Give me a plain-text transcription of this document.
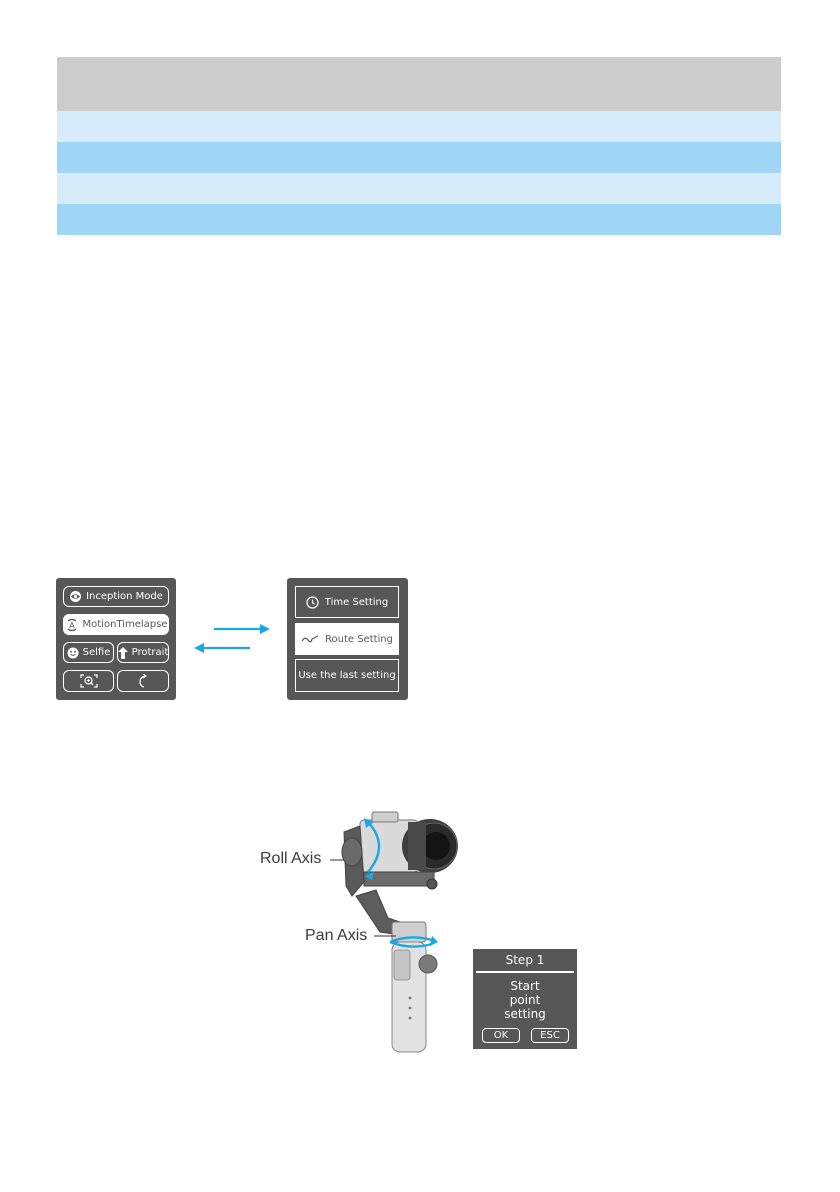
Inception Mode
A MotionTimelapse
Selfie Protrait
Time Setting
Route Setting
Use the last setting
Roll Axis
Pan Axis
Step 1
Start
point
setting
OK	ESC
